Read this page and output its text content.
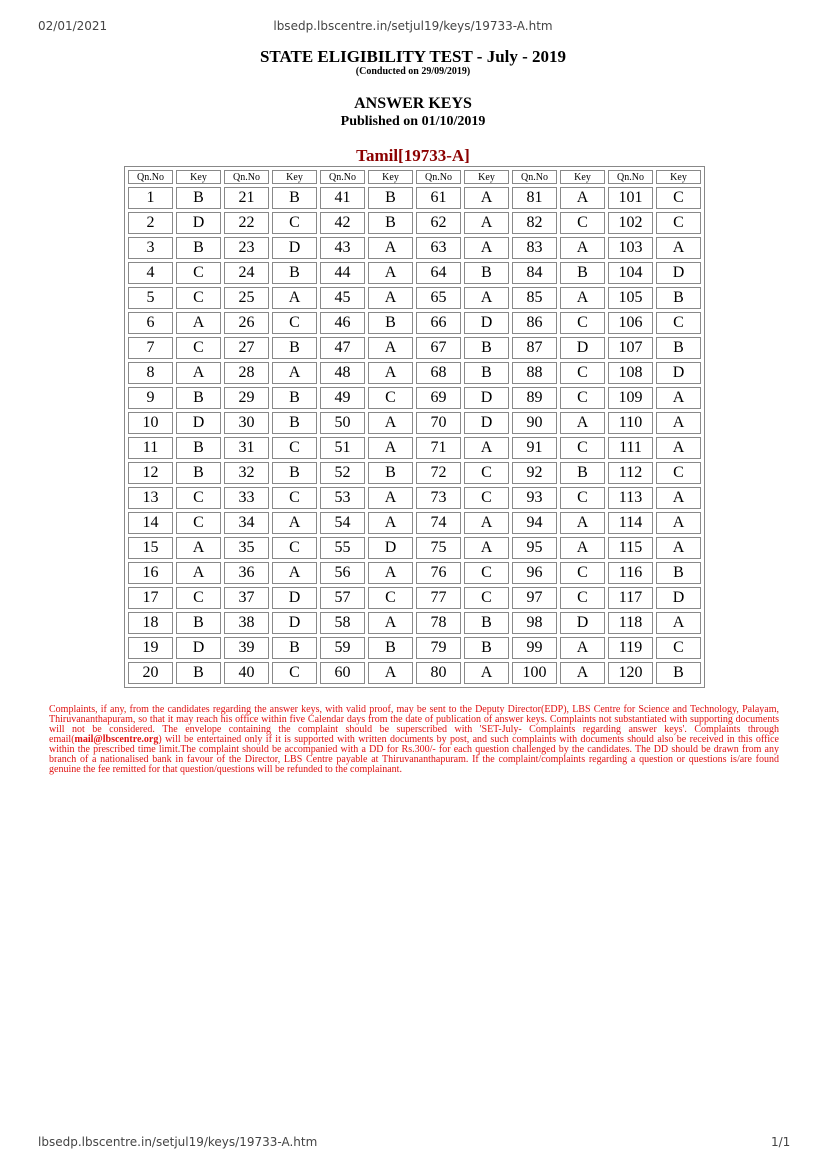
02/01/2021	lbsedp.lbscentre.in/setjul19/keys/19733-A.htm
STATE ELIGIBILITY TEST - July - 2019
(Conducted on 29/09/2019)
ANSWER KEYS
Published on 01/10/2019
Tamil[19733-A]
Qn.No	Key	Qn.No	Key	Qn.No	Key	Qn.No	Key	Qn.No	Key	Qn.No	Key
1	B	21	B	41	B	61	A	81	A	101	C
2	D	22	C	42	B	62	A	82	C	102	C
3	B	23	D	43	A	63	A	83	A	103	A
4	C	24	B	44	A	64	B	84	B	104	D
5	C	25	A	45	A	65	A	85	A	105	B
6	A	26	C	46	B	66	D	86	C	106	C
7	C	27	B	47	A	67	B	87	D	107	B
8	A	28	A	48	A	68	B	88	C	108	D
9	B	29	B	49	C	69	D	89	C	109	A
10	D	30	B	50	A	70	D	90	A	110	A
11	B	31	C	51	A	71	A	91	C	111	A
12	B	32	B	52	B	72	C	92	B	112	C
13	C	33	C	53	A	73	C	93	C	113	A
14	C	34	A	54	A	74	A	94	A	114	A
15	A	35	C	55	D	75	A	95	A	115	A
16	A	36	A	56	A	76	C	96	C	116	B
17	C	37	D	57	C	77	C	97	C	117	D
18	B	38	D	58	A	78	B	98	D	118	A
19	D	39	B	59	B	79	B	99	A	119	C
20	B	40	C	60	A	80	A	100	A	120	B
Complaints, if any, from the candidates regarding the answer keys, with valid proof, may be sent to the Deputy Director(EDP), LBS Centre for Science and Technology, Palayam, Thiruvananthapuram, so that it may reach his office within five Calendar days from the date of publication of answer keys. Complaints not substantiated with supporting documents will not be considered. The envelope containing the complaint should be superscribed with 'SET-July- Complaints regarding answer keys'. Complaints through email(mail@lbscentre.org) will be entertained only if it is supported with written documents by post, and such complaints with documents should also be received in this office within the prescribed time limit.The complaint should be accompanied with a DD for Rs.300/- for each question challenged by the candidates. The DD should be drawn from any branch of a nationalised bank in favour of the Director, LBS Centre payable at Thiruvananthapuram. If the complaint/complaints regarding a question or questions is/are found genuine the fee remitted for that question/questions will be refunded to the complainant.
lbsedp.lbscentre.in/setjul19/keys/19733-A.htm	1/1
